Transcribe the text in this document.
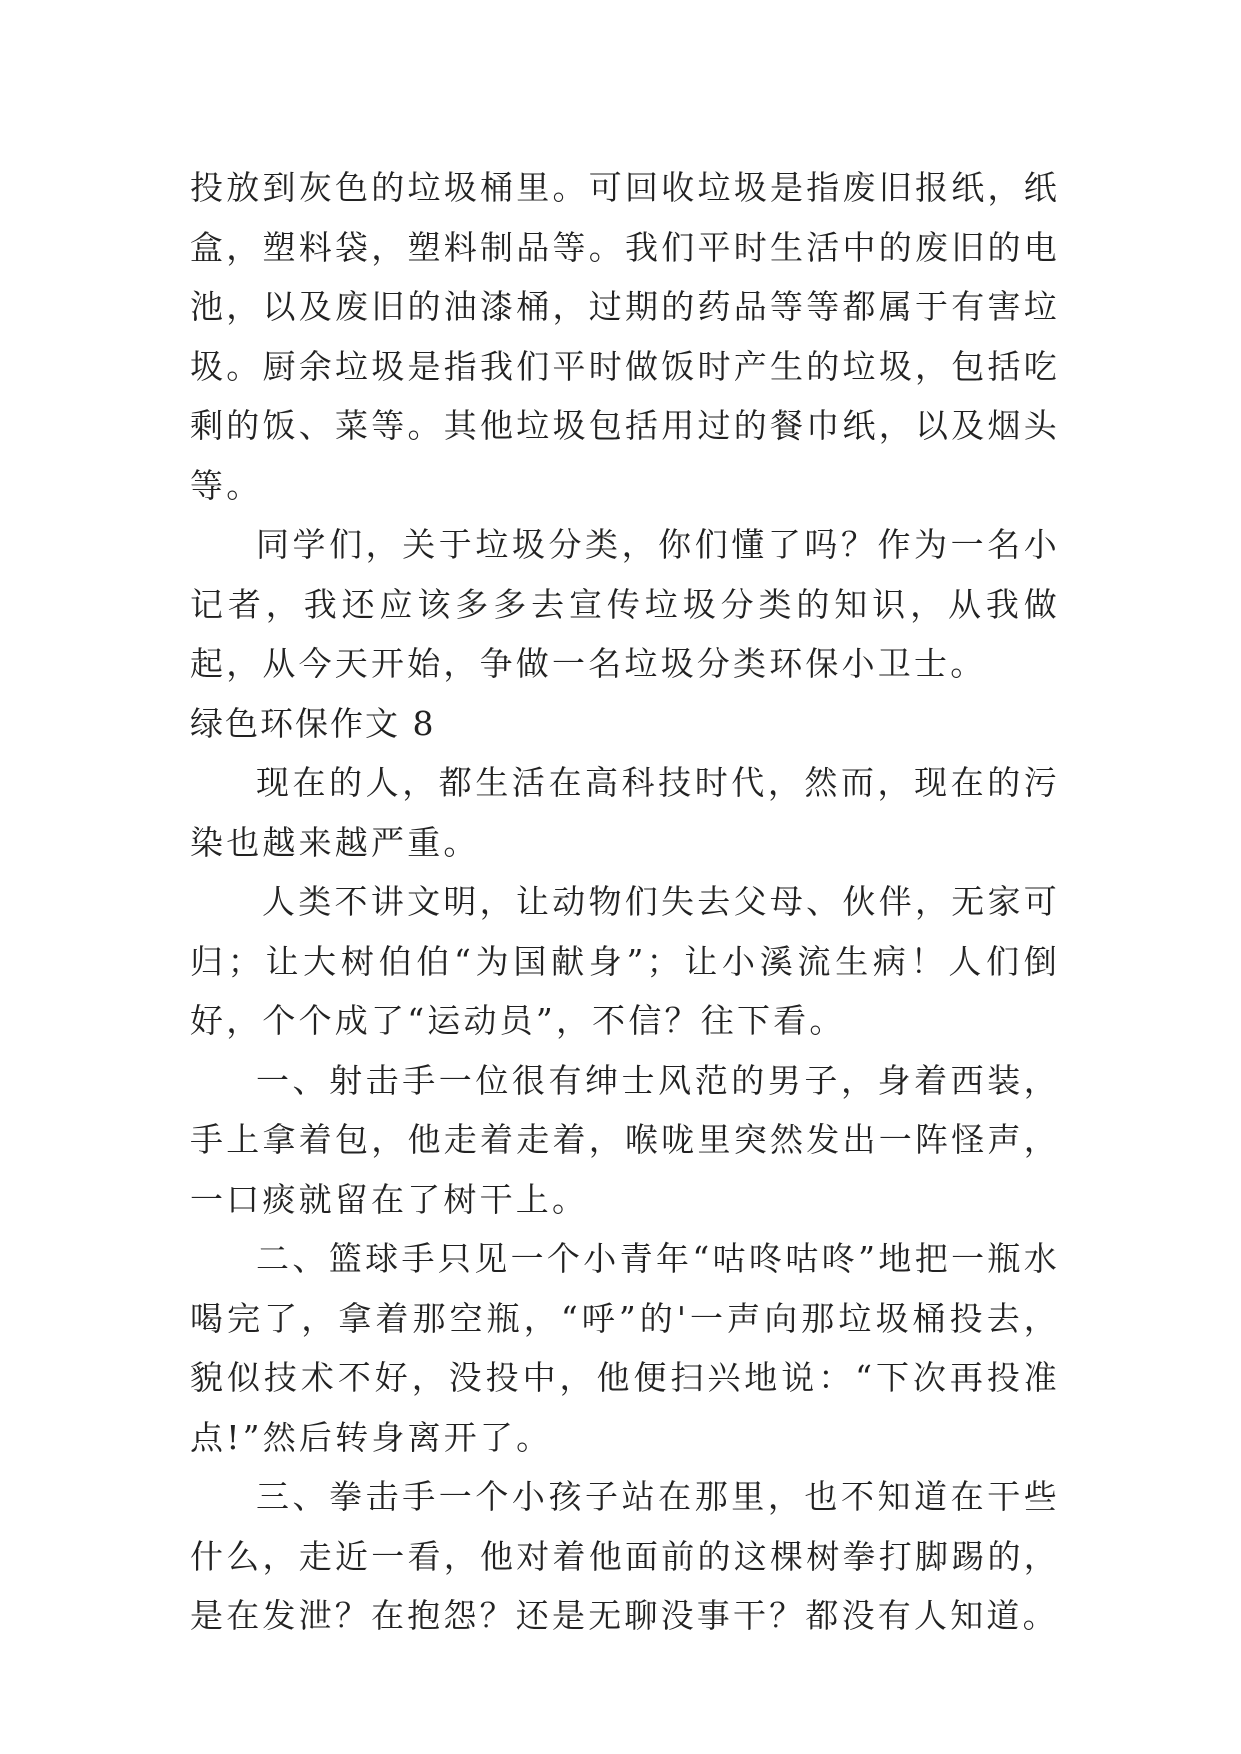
投放到灰色的垃圾桶里。可回收垃圾是指废旧报纸，纸盒，塑料袋，塑料制品等。我们平时生活中的废旧的电池，以及废旧的油漆桶，过期的药品等等都属于有害垃圾。厨余垃圾是指我们平时做饭时产生的垃圾，包括吃剩的饭、菜等。其他垃圾包括用过的餐巾纸，以及烟头等。

同学们，关于垃圾分类，你们懂了吗？作为一名小记者，我还应该多多去宣传垃圾分类的知识，从我做起，从今天开始，争做一名垃圾分类环保小卫士。

绿色环保作文 8

现在的人，都生活在高科技时代，然而，现在的污染也越来越严重。

人类不讲文明，让动物们失去父母、伙伴，无家可归；让大树伯伯“为国献身”；让小溪流生病！人们倒好，个个成了“运动员”，不信？往下看。

一、射击手一位很有绅士风范的男子，身着西装，手上拿着包，他走着走着，喉咙里突然发出一阵怪声，一口痰就留在了树干上。

二、篮球手只见一个小青年“咕咚咕咚”地把一瓶水喝完了，拿着那空瓶，“呼”的'一声向那垃圾桶投去，貌似技术不好，没投中，他便扫兴地说：“下次再投准点!”然后转身离开了。

三、拳击手一个小孩子站在那里，也不知道在干些什么，走近一看，他对着他面前的这棵树拳打脚踢的，是在发泄？在抱怨？还是无聊没事干？都没有人知道。
